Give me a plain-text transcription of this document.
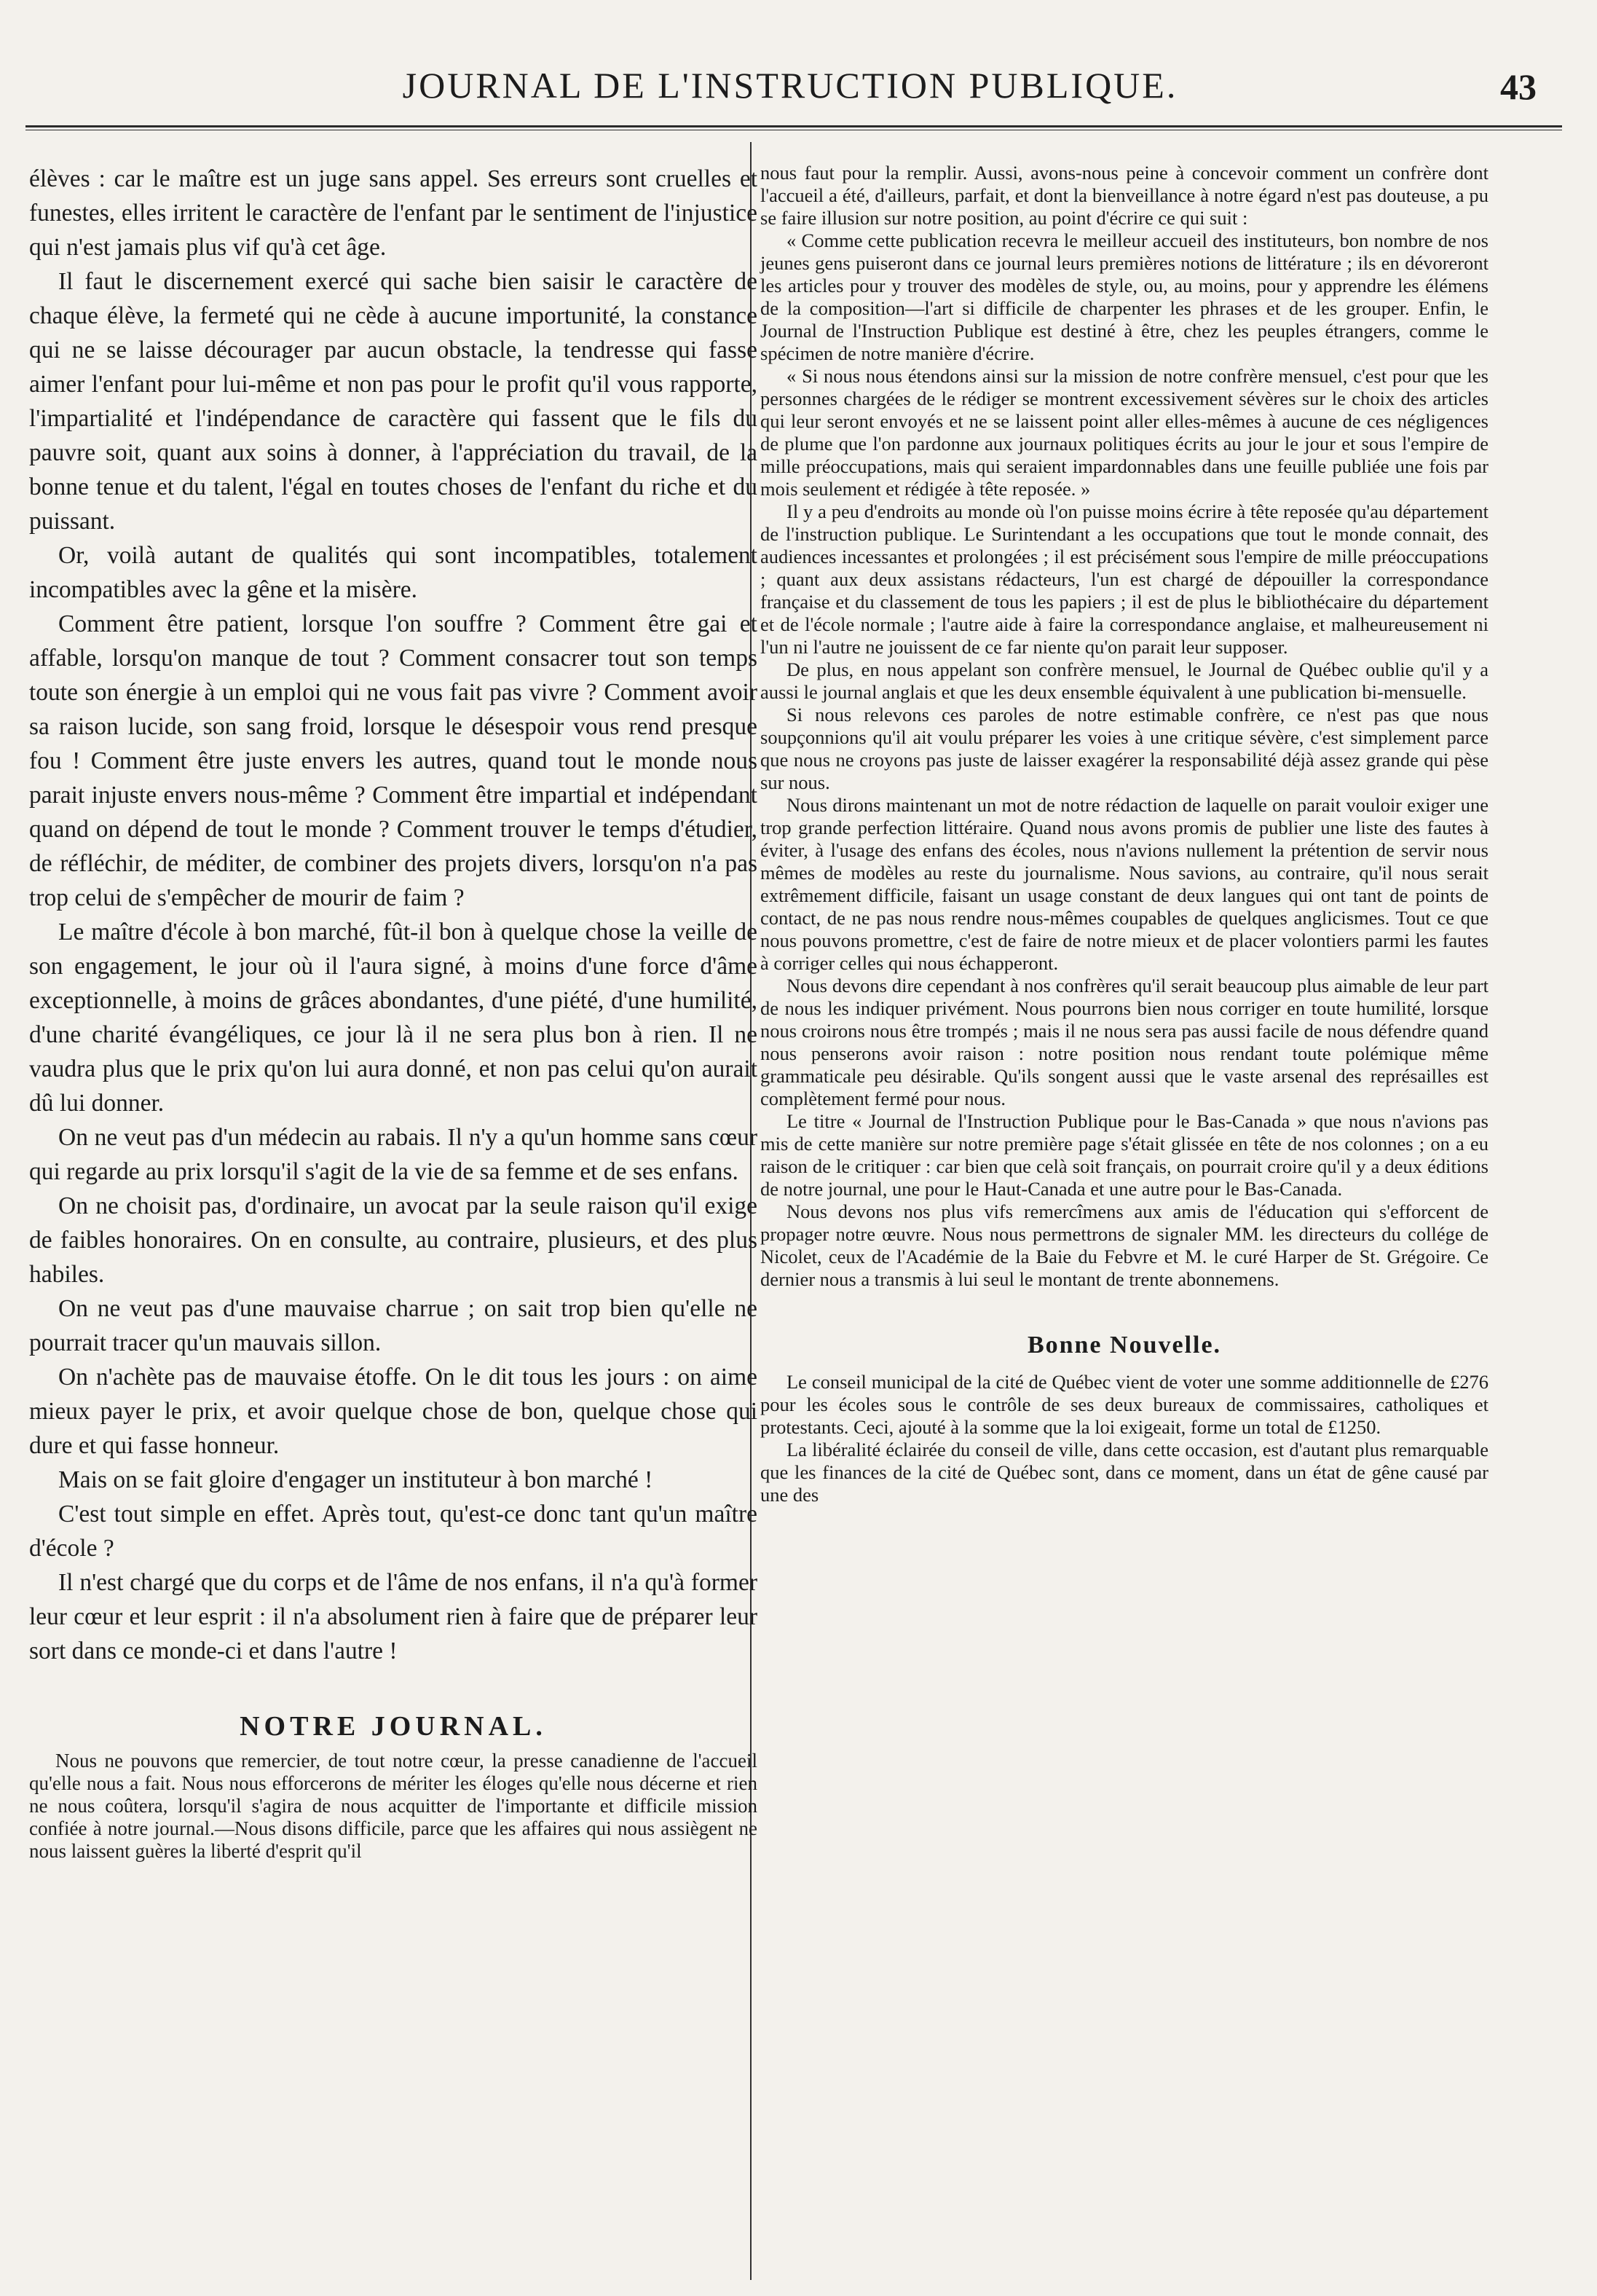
JOURNAL DE L'INSTRUCTION PUBLIQUE.	43

élèves : car le maître est un juge sans appel. Ses erreurs sont cruelles et funestes, elles irritent le caractère de l'enfant par le sentiment de l'injustice qui n'est jamais plus vif qu'à cet âge.

Il faut le discernement exercé qui sache bien saisir le caractère de chaque élève, la fermeté qui ne cède à aucune importunité, la constance qui ne se laisse décourager par aucun obstacle, la tendresse qui fasse aimer l'enfant pour lui-même et non pas pour le profit qu'il vous rapporte, l'impartialité et l'indépendance de caractère qui fassent que le fils du pauvre soit, quant aux soins à donner, à l'appréciation du travail, de la bonne tenue et du talent, l'égal en toutes choses de l'enfant du riche et du puissant.

Or, voilà autant de qualités qui sont incompatibles, totalement incompatibles avec la gêne et la misère.

Comment être patient, lorsque l'on souffre ? Comment être gai et affable, lorsqu'on manque de tout ? Comment consacrer tout son temps toute son énergie à un emploi qui ne vous fait pas vivre ? Comment avoir sa raison lucide, son sang froid, lorsque le désespoir vous rend presque fou ! Comment être juste envers les autres, quand tout le monde nous parait injuste envers nous-même ? Comment être impartial et indépendant quand on dépend de tout le monde ? Comment trouver le temps d'étudier, de réfléchir, de méditer, de combiner des projets divers, lorsqu'on n'a pas trop celui de s'empêcher de mourir de faim ?

Le maître d'école à bon marché, fût-il bon à quelque chose la veille de son engagement, le jour où il l'aura signé, à moins d'une force d'âme exceptionnelle, à moins de grâces abondantes, d'une piété, d'une humilité, d'une charité évangéliques, ce jour là il ne sera plus bon à rien. Il ne vaudra plus que le prix qu'on lui aura donné, et non pas celui qu'on aurait dû lui donner.

On ne veut pas d'un médecin au rabais. Il n'y a qu'un homme sans cœur qui regarde au prix lorsqu'il s'agit de la vie de sa femme et de ses enfans.

On ne choisit pas, d'ordinaire, un avocat par la seule raison qu'il exige de faibles honoraires. On en consulte, au contraire, plusieurs, et des plus habiles.

On ne veut pas d'une mauvaise charrue ; on sait trop bien qu'elle ne pourrait tracer qu'un mauvais sillon.

On n'achète pas de mauvaise étoffe. On le dit tous les jours : on aime mieux payer le prix, et avoir quelque chose de bon, quelque chose qui dure et qui fasse honneur.

Mais on se fait gloire d'engager un instituteur à bon marché !

C'est tout simple en effet. Après tout, qu'est-ce donc tant qu'un maître d'école ?

Il n'est chargé que du corps et de l'âme de nos enfans, il n'a qu'à former leur cœur et leur esprit : il n'a absolument rien à faire que de préparer leur sort dans ce monde-ci et dans l'autre !

NOTRE JOURNAL.

Nous ne pouvons que remercier, de tout notre cœur, la presse canadienne de l'accueil qu'elle nous a fait. Nous nous efforcerons de mériter les éloges qu'elle nous décerne et rien ne nous coûtera, lorsqu'il s'agira de nous acquitter de l'importante et difficile mission confiée à notre journal.—Nous disons difficile, parce que les affaires qui nous assiègent ne nous laissent guères la liberté d'esprit qu'il

nous faut pour la remplir. Aussi, avons-nous peine à concevoir comment un confrère dont l'accueil a été, d'ailleurs, parfait, et dont la bienveillance à notre égard n'est pas douteuse, a pu se faire illusion sur notre position, au point d'écrire ce qui suit :

« Comme cette publication recevra le meilleur accueil des instituteurs, bon nombre de nos jeunes gens puiseront dans ce journal leurs premières notions de littérature ; ils en dévoreront les articles pour y trouver des modèles de style, ou, au moins, pour y apprendre les élémens de la composition—l'art si difficile de charpenter les phrases et de les grouper. Enfin, le Journal de l'Instruction Publique est destiné à être, chez les peuples étrangers, comme le spécimen de notre manière d'écrire.

« Si nous nous étendons ainsi sur la mission de notre confrère mensuel, c'est pour que les personnes chargées de le rédiger se montrent excessivement sévères sur le choix des articles qui leur seront envoyés et ne se laissent point aller elles-mêmes à aucune de ces négligences de plume que l'on pardonne aux journaux politiques écrits au jour le jour et sous l'empire de mille préoccupations, mais qui seraient impardonnables dans une feuille publiée une fois par mois seulement et rédigée à tête reposée. »

Il y a peu d'endroits au monde où l'on puisse moins écrire à tête reposée qu'au département de l'instruction publique. Le Surintendant a les occupations que tout le monde connait, des audiences incessantes et prolongées ; il est précisément sous l'empire de mille préoccupations ; quant aux deux assistans rédacteurs, l'un est chargé de dépouiller la correspondance française et du classement de tous les papiers ; il est de plus le bibliothécaire du département et de l'école normale ; l'autre aide à faire la correspondance anglaise, et malheureusement ni l'un ni l'autre ne jouissent de ce far niente qu'on parait leur supposer.

De plus, en nous appelant son confrère mensuel, le Journal de Québec oublie qu'il y a aussi le journal anglais et que les deux ensemble équivalent à une publication bi-mensuelle.

Si nous relevons ces paroles de notre estimable confrère, ce n'est pas que nous soupçonnions qu'il ait voulu préparer les voies à une critique sévère, c'est simplement parce que nous ne croyons pas juste de laisser exagérer la responsabilité déjà assez grande qui pèse sur nous.

Nous dirons maintenant un mot de notre rédaction de laquelle on parait vouloir exiger une trop grande perfection littéraire. Quand nous avons promis de publier une liste des fautes à éviter, à l'usage des enfans des écoles, nous n'avions nullement la prétention de servir nous mêmes de modèles au reste du journalisme. Nous savions, au contraire, qu'il nous serait extrêmement difficile, faisant un usage constant de deux langues qui ont tant de points de contact, de ne pas nous rendre nous-mêmes coupables de quelques anglicismes. Tout ce que nous pouvons promettre, c'est de faire de notre mieux et de placer volontiers parmi les fautes à corriger celles qui nous échapperont.

Nous devons dire cependant à nos confrères qu'il serait beaucoup plus aimable de leur part de nous les indiquer privément. Nous pourrons bien nous corriger en toute humilité, lorsque nous croirons nous être trompés ; mais il ne nous sera pas aussi facile de nous défendre quand nous penserons avoir raison : notre position nous rendant toute polémique même grammaticale peu désirable. Qu'ils songent aussi que le vaste arsenal des représailles est complètement fermé pour nous.

Le titre « Journal de l'Instruction Publique pour le Bas-Canada » que nous n'avions pas mis de cette manière sur notre première page s'était glissée en tête de nos colonnes ; on a eu raison de le critiquer : car bien que celà soit français, on pourrait croire qu'il y a deux éditions de notre journal, une pour le Haut-Canada et une autre pour le Bas-Canada.

Nous devons nos plus vifs remercîmens aux amis de l'éducation qui s'efforcent de propager notre œuvre. Nous nous permettrons de signaler MM. les directeurs du collége de Nicolet, ceux de l'Académie de la Baie du Febvre et M. le curé Harper de St. Grégoire. Ce dernier nous a transmis à lui seul le montant de trente abonnemens.

Bonne Nouvelle.

Le conseil municipal de la cité de Québec vient de voter une somme additionnelle de £276 pour les écoles sous le contrôle de ses deux bureaux de commissaires, catholiques et protestants. Ceci, ajouté à la somme que la loi exigeait, forme un total de £1250.

La libéralité éclairée du conseil de ville, dans cette occasion, est d'autant plus remarquable que les finances de la cité de Québec sont, dans ce moment, dans un état de gêne causé par une des
